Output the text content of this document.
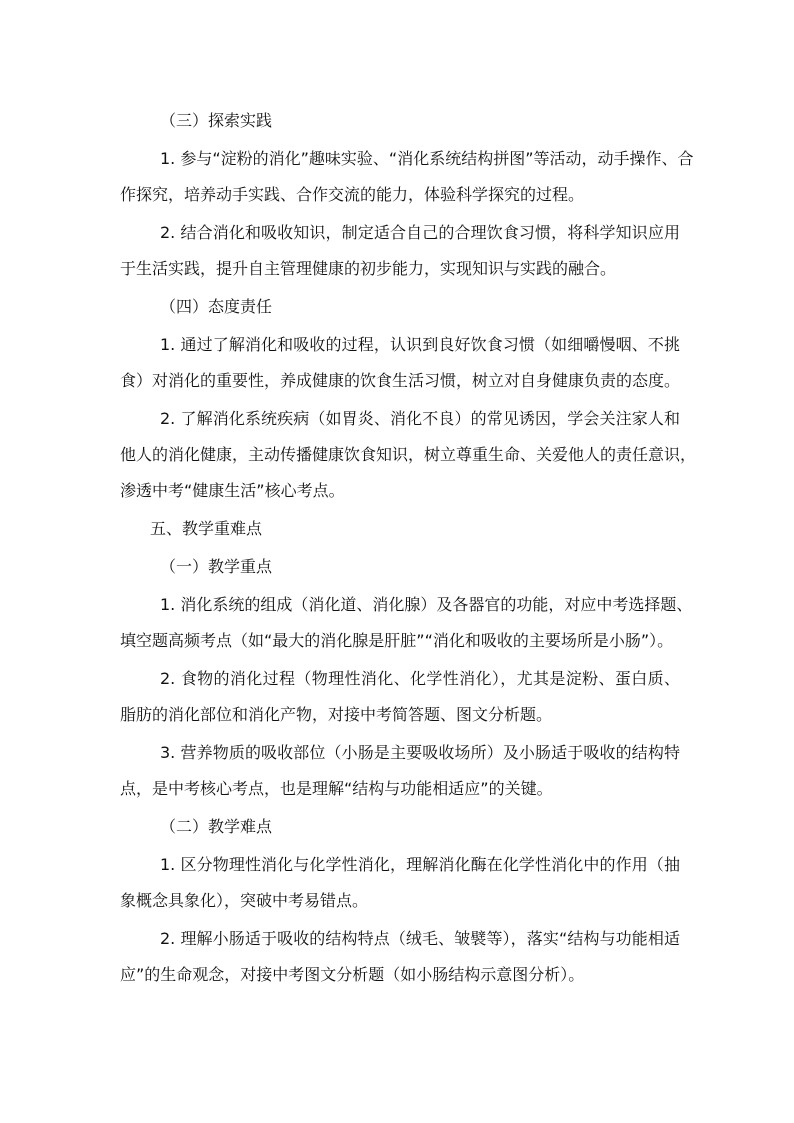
（三）探索实践
1. 参与“淀粉的消化”趣味实验、“消化系统结构拼图”等活动，动手操作、合
作探究，培养动手实践、合作交流的能力，体验科学探究的过程。
2. 结合消化和吸收知识，制定适合自己的合理饮食习惯，将科学知识应用
于生活实践，提升自主管理健康的初步能力，实现知识与实践的融合。
（四）态度责任
1. 通过了解消化和吸收的过程，认识到良好饮食习惯（如细嚼慢咽、不挑
食）对消化的重要性，养成健康的饮食生活习惯，树立对自身健康负责的态度。
2. 了解消化系统疾病（如胃炎、消化不良）的常见诱因，学会关注家人和
他人的消化健康，主动传播健康饮食知识，树立尊重生命、关爱他人的责任意识，
渗透中考“健康生活”核心考点。
五、教学重难点
（一）教学重点
1. 消化系统的组成（消化道、消化腺）及各器官的功能，对应中考选择题、
填空题高频考点（如“最大的消化腺是肝脏”“消化和吸收的主要场所是小肠”）。
2. 食物的消化过程（物理性消化、化学性消化），尤其是淀粉、蛋白质、
脂肪的消化部位和消化产物，对接中考简答题、图文分析题。
3. 营养物质的吸收部位（小肠是主要吸收场所）及小肠适于吸收的结构特
点，是中考核心考点，也是理解“结构与功能相适应”的关键。
（二）教学难点
1. 区分物理性消化与化学性消化，理解消化酶在化学性消化中的作用（抽
象概念具象化），突破中考易错点。
2. 理解小肠适于吸收的结构特点（绒毛、皱襞等），落实“结构与功能相适
应”的生命观念，对接中考图文分析题（如小肠结构示意图分析）。
